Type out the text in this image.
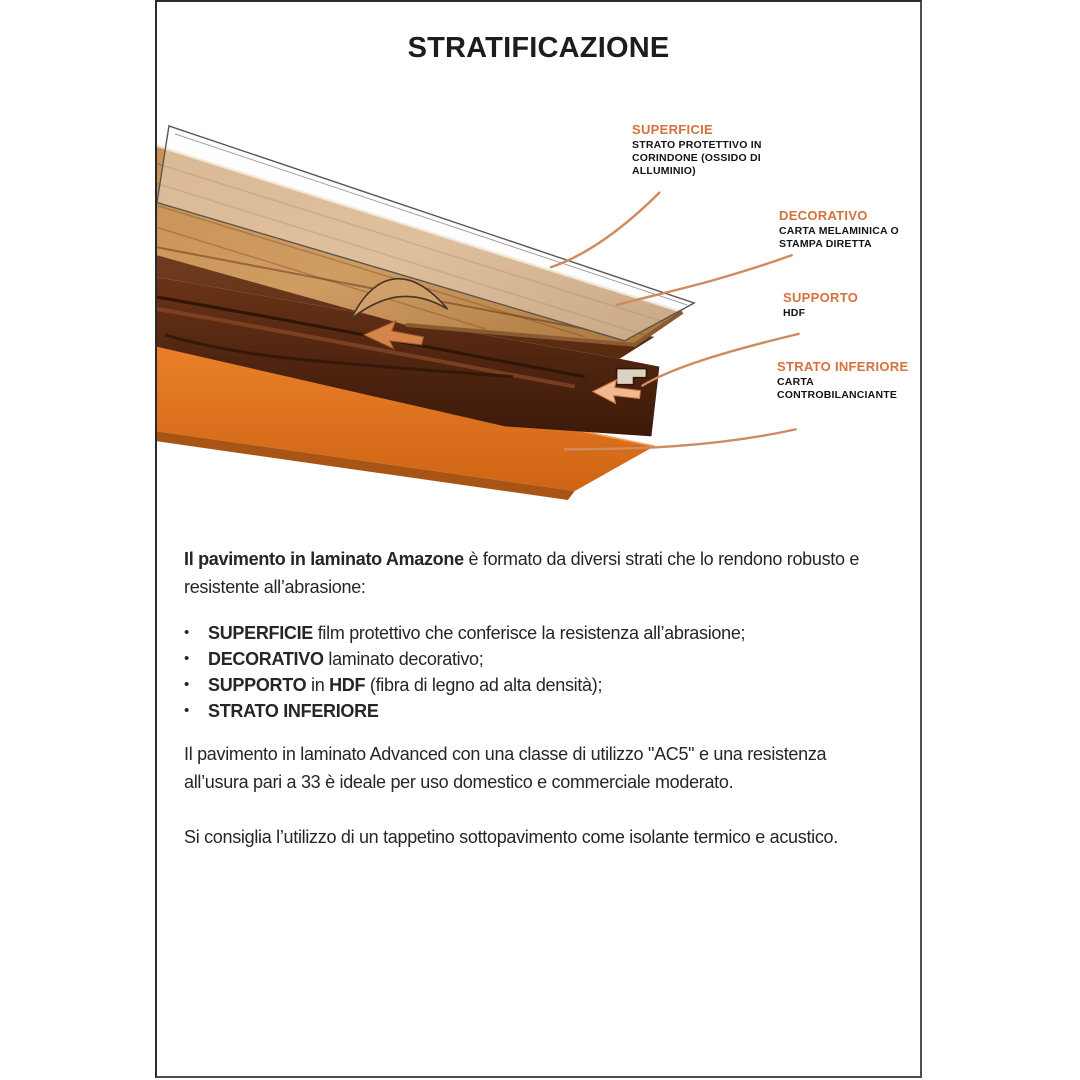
STRATIFICAZIONE
SUPERFICIE
STRATO PROTETTIVO IN
CORINDONE (OSSIDO DI
ALLUMINIO)
DECORATIVO
CARTA MELAMINICA O
STAMPA DIRETTA
SUPPORTO
HDF
STRATO INFERIORE
CARTA
CONTROBILANCIANTE
Il pavimento in laminato Amazone è formato da diversi strati che lo rendono robusto e
resistente all’abrasione:
• SUPERFICIE film protettivo che conferisce la resistenza all’abrasione;
• DECORATIVO laminato decorativo;
• SUPPORTO in HDF (fibra di legno ad alta densità);
• STRATO INFERIORE
Il pavimento in laminato Advanced con una classe di utilizzo "AC5" e una resistenza
all’usura pari a 33 è ideale per uso domestico e commerciale moderato.
Si consiglia l’utilizzo di un tappetino sottopavimento come isolante termico e acustico.
